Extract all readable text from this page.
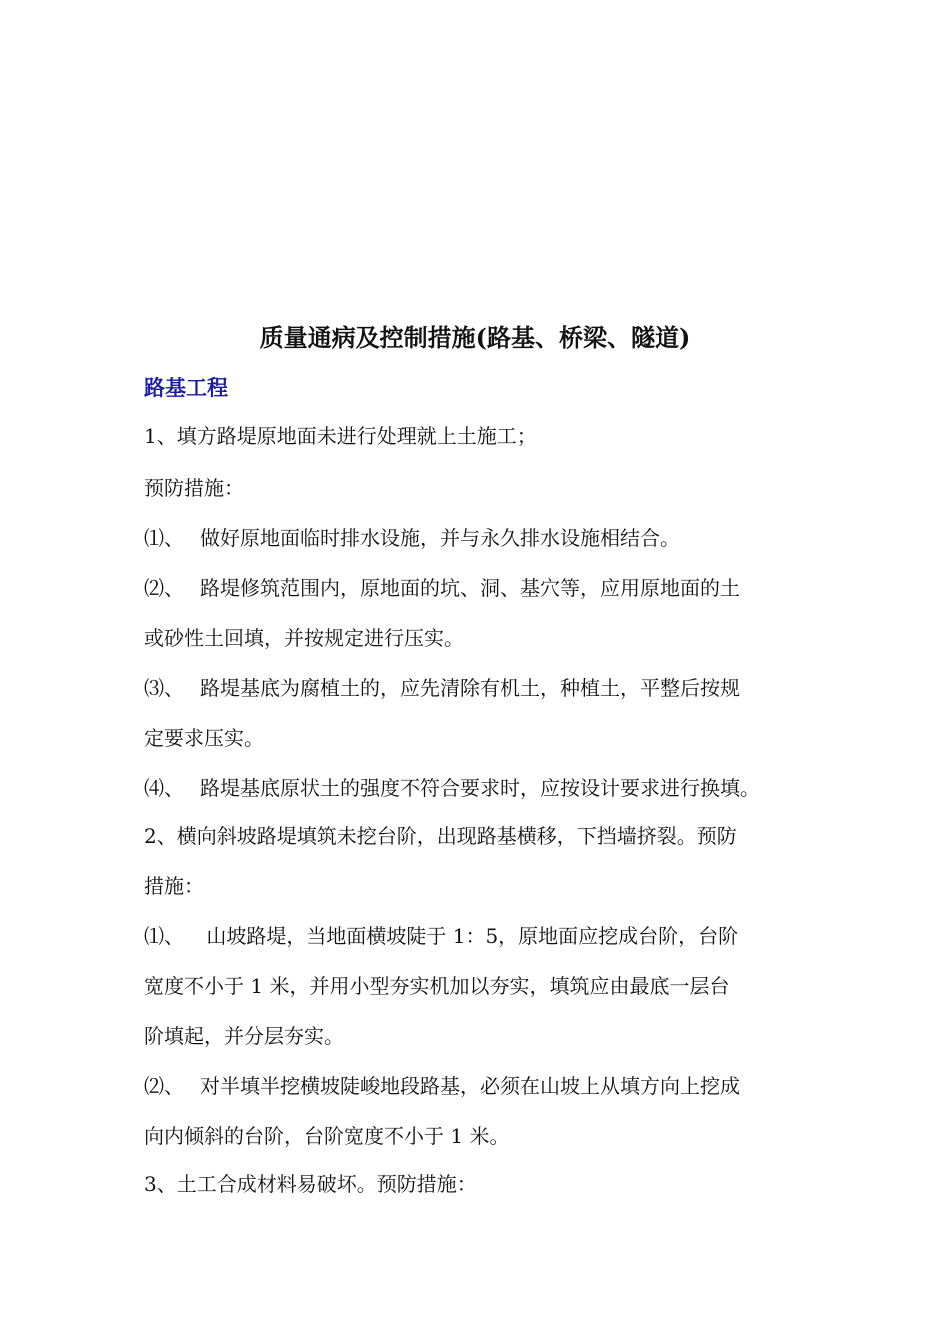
质量通病及控制措施(路基、桥梁、隧道)
路基工程
1、填方路堤原地面未进行处理就上土施工；
预防措施：
⑴、 做好原地面临时排水设施，并与永久排水设施相结合。
⑵、 路堤修筑范围内，原地面的坑、洞、基穴等，应用原地面的土
或砂性土回填，并按规定进行压实。
⑶、 路堤基底为腐植土的，应先清除有机土，种植土，平整后按规
定要求压实。
⑷、 路堤基底原状土的强度不符合要求时，应按设计要求进行换填。
2、横向斜坡路堤填筑未挖台阶，出现路基横移，下挡墙挤裂。预防
措施：
⑴、 山坡路堤，当地面横坡陡于 1：5，原地面应挖成台阶，台阶
宽度不小于 1 米，并用小型夯实机加以夯实，填筑应由最底一层台
阶填起，并分层夯实。
⑵、 对半填半挖横坡陡峻地段路基，必须在山坡上从填方向上挖成
向内倾斜的台阶，台阶宽度不小于 1 米。
3、土工合成材料易破坏。预防措施：
